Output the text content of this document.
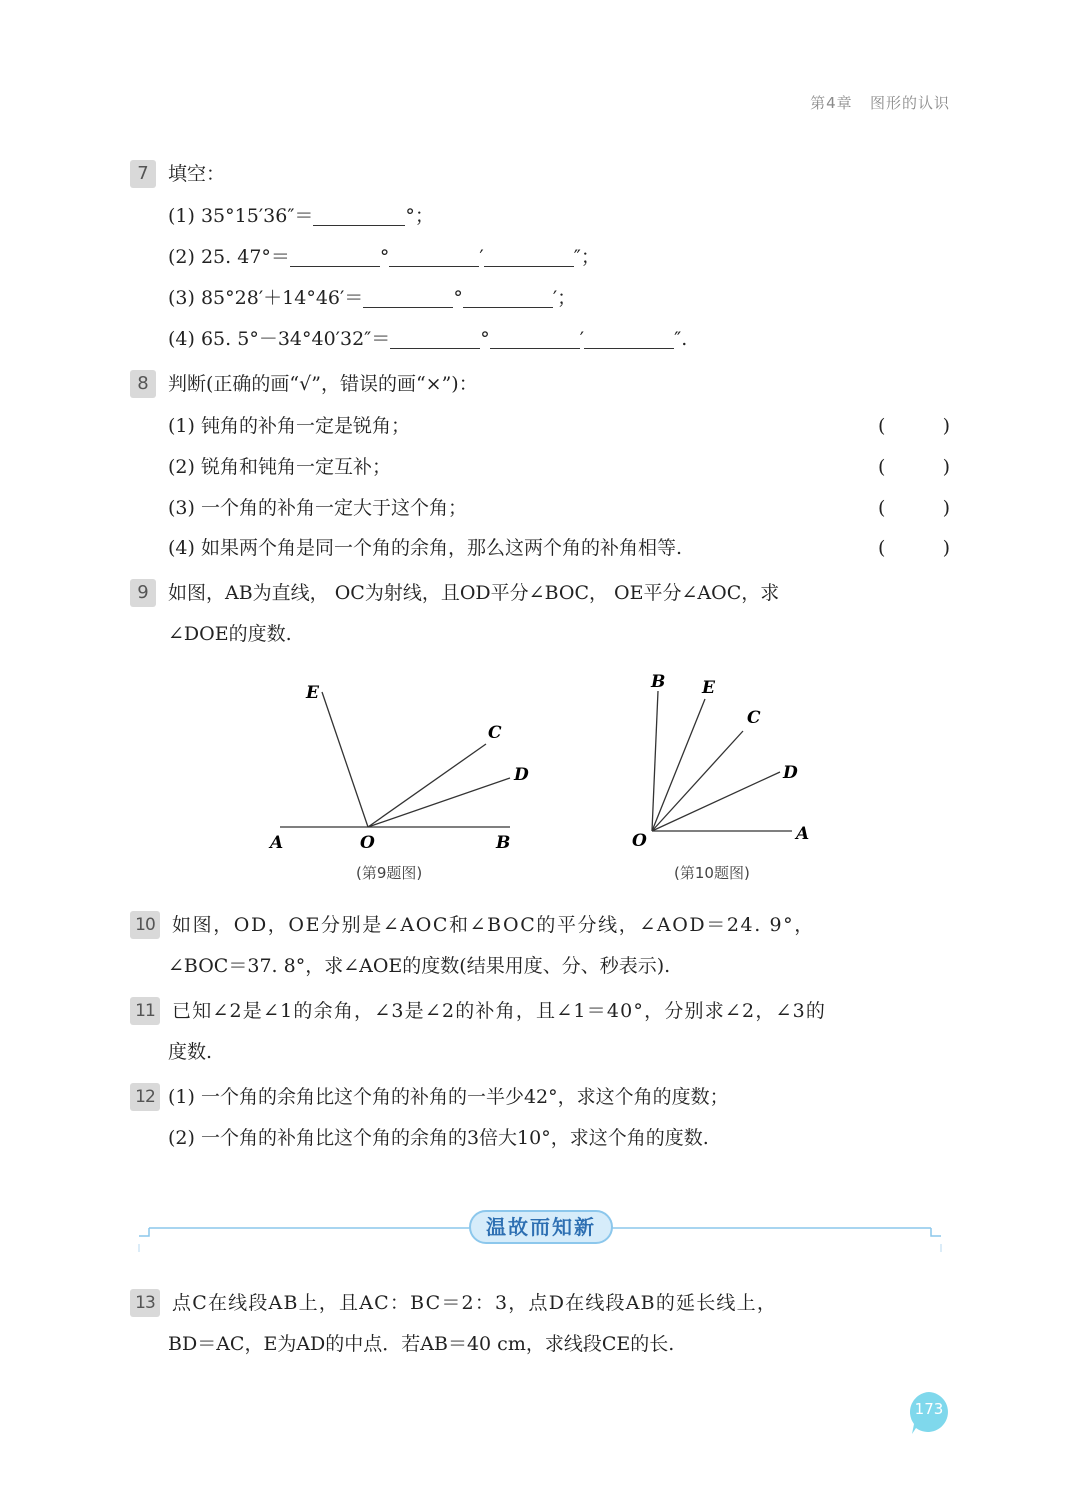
第4章 图形的认识
7	填空：
(1) 35°15′36″＝	°；
(2) 25. 47°＝	°	′	″；
(3) 85°28′＋14°46′＝	°	′；
(4) 65. 5°－34°40′32″＝	°	′	″.
8	判断(正确的画“√”，错误的画“×”)：
(1) 钝角的补角一定是锐角；	(	)
(2) 锐角和钝角一定互补；	(	)
(3) 一个角的补角一定大于这个角；	(	)
(4) 如果两个角是同一个角的余角，那么这两个角的补角相等.	(	)
9	如图，AB为直线， OC为射线，且OD平分∠BOC， OE平分∠AOC，求
∠DOE的度数.
E
C
D
A	O	B
(第9题图)
B E
C
D
O	A
(第10题图)
10 如图，OD，OE分别是∠AOC和∠BOC的平分线，∠AOD＝24. 9°，
∠BOC＝37. 8°，求∠AOE的度数(结果用度、分、秒表示).
11 已知∠2是∠1的余角，∠3是∠2的补角，且∠1＝40°，分别求∠2，∠3的
度数.
12 (1) 一个角的余角比这个角的补角的一半少42°，求这个角的度数；
(2) 一个角的补角比这个角的余角的3倍大10°，求这个角的度数.
温故而知新
13 点C在线段AB上，且AC：BC＝2：3，点D在线段AB的延长线上，
BD＝AC，E为AD的中点．若AB＝40 cm，求线段CE的长.
173
